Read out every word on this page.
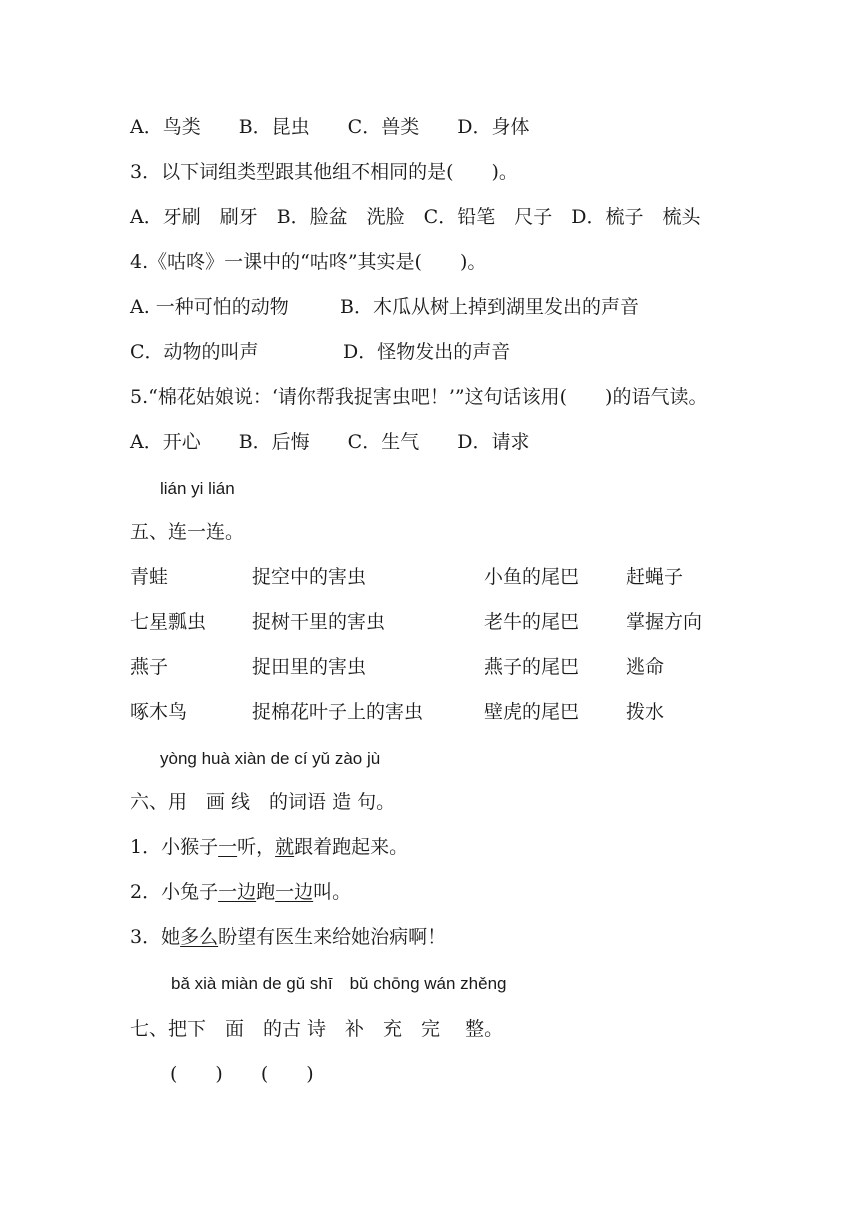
A．鸟类　　B．昆虫　　C．兽类　　D．身体
3．以下词组类型跟其他组不相同的是(　　)。
A．牙刷　刷牙　B．脸盆　洗脸　C．铅笔　尺子　D．梳子　梳头
4.《咕咚》一课中的“咕咚”其实是(　　)。
A. 一种可怕的动物	B．木瓜从树上掉到湖里发出的声音
C．动物的叫声	D．怪物发出的声音
5.“棉花姑娘说：‘请你帮我捉害虫吧！’”这句话该用(　　)的语气读。
A．开心　　B．后悔　　C．生气　　D．请求
lián yi lián
五、连一连。
青蛙	捉空中的害虫	小鱼的尾巴 赶蝇子
七星瓢虫 捉树干里的害虫	老牛的尾巴 掌握方向
燕子	捉田里的害虫	燕子的尾巴 逃命
啄木鸟	捉棉花叶子上的害虫	壁虎的尾巴 拨水
yòng huà xiàn de cí yǔ zào jù
六、用　画 线　的词语 造 句。
1．小猴子一听，就跟着跑起来。
2．小兔子一边跑一边叫。
3．她多么盼望有医生来给她治病啊！
bǎ xià miàn de gǔ shī　bǔ chōng wán zhěng
七、把下　面　的古 诗　补　充　完　 整。
(　　)　　(　　)
